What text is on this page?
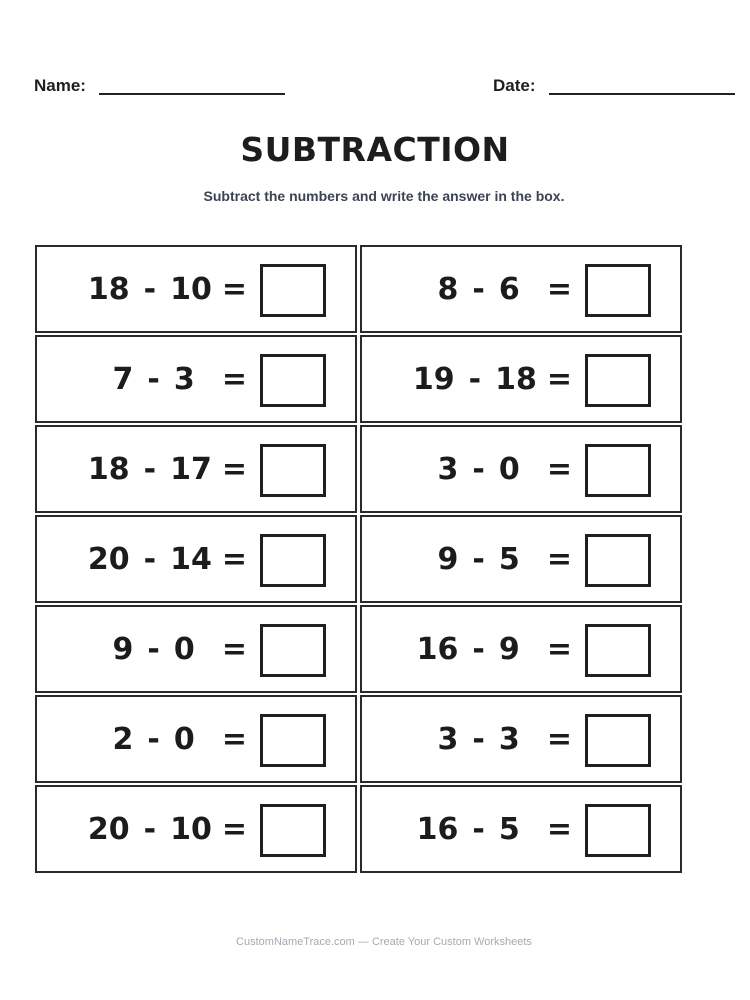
Name:	Date:
SUBTRACTION

Subtract the numbers and write the answer in the box.

18 - 10 =	8 - 6 =
7 - 3 =	19 - 18 =
18 - 17 =	3 - 0 =
20 - 14 =	9 - 5 =
9 - 0 =	16 - 9 =
2 - 0 =	3 - 3 =
20 - 10 =	16 - 5 =

CustomNameTrace.com — Create Your Custom Worksheets
